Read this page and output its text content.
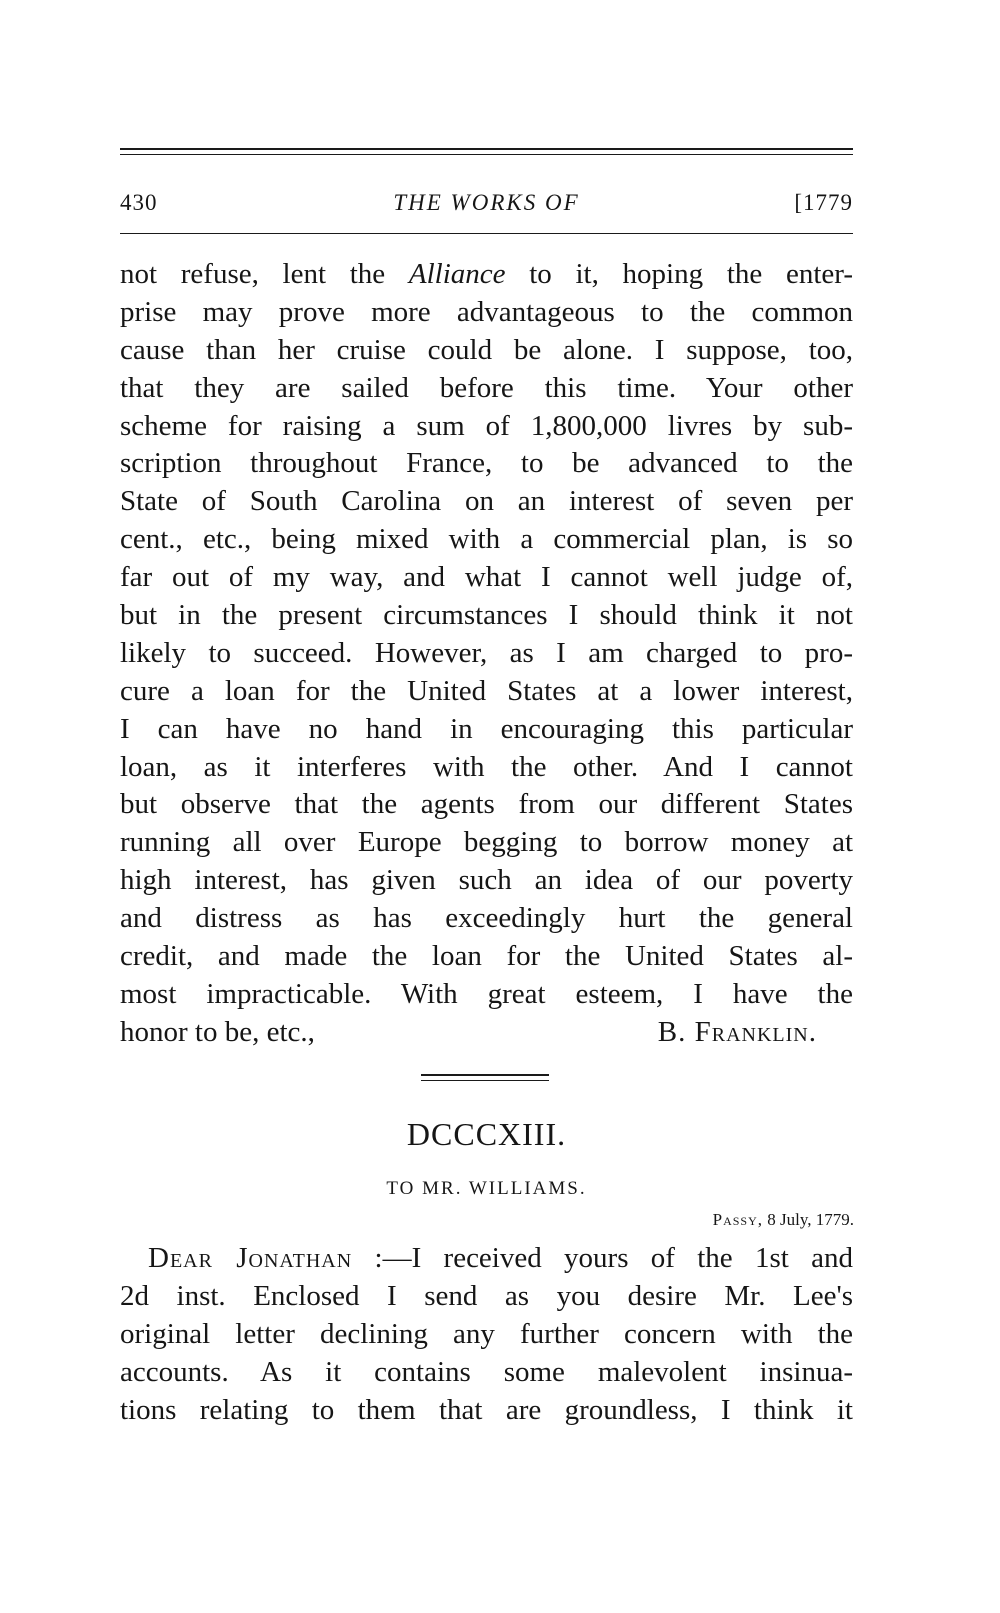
430	THE WORKS OF	[1779
not refuse, lent the Alliance to it, hoping the enter-
prise may prove more advantageous to the common
cause than her cruise could be alone. I suppose, too,
that they are sailed before this time. Your other
scheme for raising a sum of 1,800,000 livres by sub-
scription throughout France, to be advanced to the
State of South Carolina on an interest of seven per
cent., etc., being mixed with a commercial plan, is so
far out of my way, and what I cannot well judge of,
but in the present circumstances I should think it not
likely to succeed. However, as I am charged to pro-
cure a loan for the United States at a lower interest,
I can have no hand in encouraging this particular
loan, as it interferes with the other. And I cannot
but observe that the agents from our different States
running all over Europe begging to borrow money at
high interest, has given such an idea of our poverty
and distress as has exceedingly hurt the general
credit, and made the loan for the United States al-
most impracticable. With great esteem, I have the
honor to be, etc.,	B. Franklin.
DCCCXIII.
TO MR. WILLIAMS.
Passy, 8 July, 1779.
Dear Jonathan :—I received yours of the 1st and
2d inst. Enclosed I send as you desire Mr. Lee's
original letter declining any further concern with the
accounts. As it contains some malevolent insinua-
tions relating to them that are groundless, I think it
